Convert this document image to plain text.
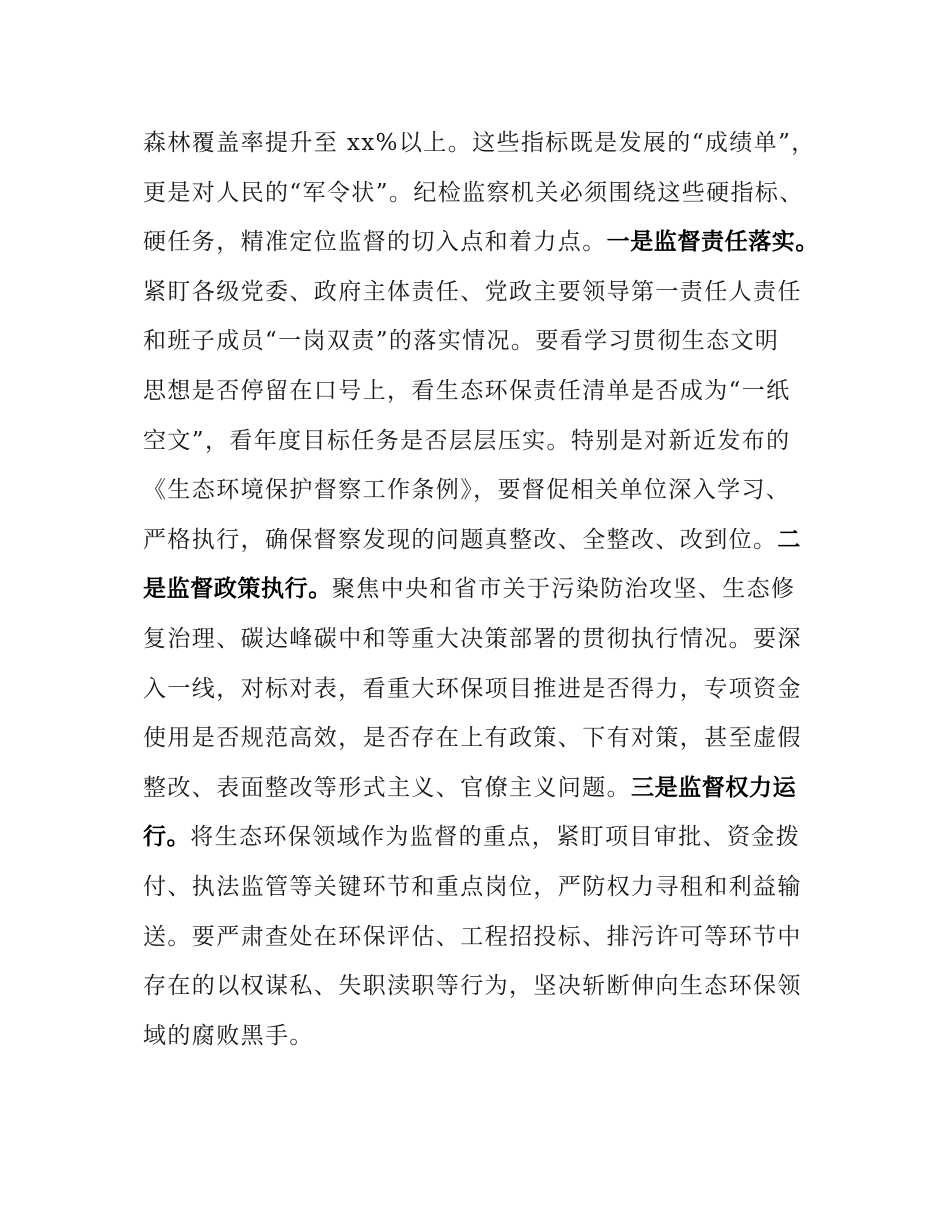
森林覆盖率提升至 xx%以上。这些指标既是发展的“成绩单”，
更是对人民的“军令状”。纪检监察机关必须围绕这些硬指标、
硬任务，精准定位监督的切入点和着力点。一是监督责任落实。
紧盯各级党委、政府主体责任、党政主要领导第一责任人责任
和班子成员“一岗双责”的落实情况。要看学习贯彻生态文明
思想是否停留在口号上，看生态环保责任清单是否成为“一纸
空文”，看年度目标任务是否层层压实。特别是对新近发布的
《生态环境保护督察工作条例》，要督促相关单位深入学习、
严格执行，确保督察发现的问题真整改、全整改、改到位。二
是监督政策执行。聚焦中央和省市关于污染防治攻坚、生态修
复治理、碳达峰碳中和等重大决策部署的贯彻执行情况。要深
入一线，对标对表，看重大环保项目推进是否得力，专项资金
使用是否规范高效，是否存在上有政策、下有对策，甚至虚假
整改、表面整改等形式主义、官僚主义问题。三是监督权力运
行。将生态环保领域作为监督的重点，紧盯项目审批、资金拨
付、执法监管等关键环节和重点岗位，严防权力寻租和利益输
送。要严肃查处在环保评估、工程招投标、排污许可等环节中
存在的以权谋私、失职渎职等行为，坚决斩断伸向生态环保领
域的腐败黑手。
